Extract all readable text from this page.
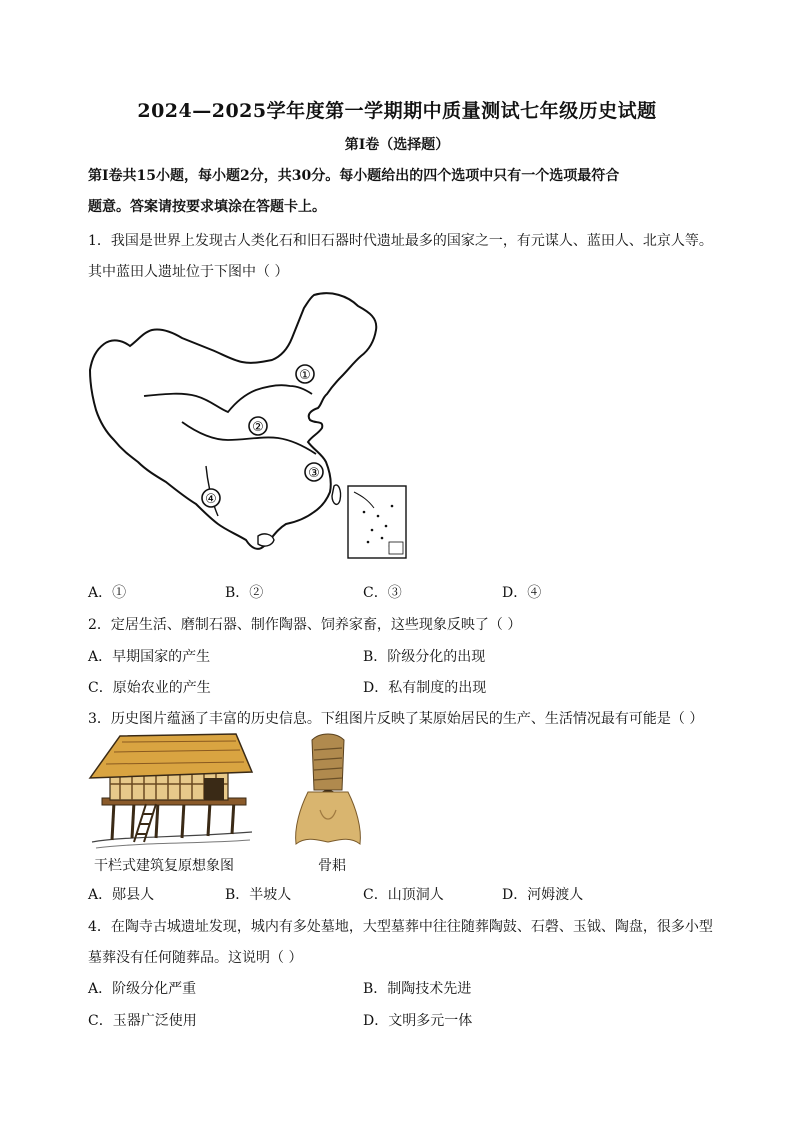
2024—2025学年度第一学期期中质量测试七年级历史试题
第Ⅰ卷（选择题）
第Ⅰ卷共15小题，每小题2分，共30分。每小题给出的四个选项中只有一个选项最符合
题意。答案请按要求填涂在答题卡上。
1．我国是世界上发现古人类化石和旧石器时代遗址最多的国家之一，有元谋人、蓝田人、北京人等。
其中蓝田人遗址位于下图中（ ）
①
②
③
④
A．①	B．②	C．③	D．④
2．定居生活、磨制石器、制作陶器、饲养家畜，这些现象反映了（ ）
A．早期国家的产生	B．阶级分化的出现
C．原始农业的产生	D．私有制度的出现
3．历史图片蕴涵了丰富的历史信息。下组图片反映了某原始居民的生产、生活情况最有可能是（ ）
干栏式建筑复原想象图	骨耜
A．郧县人	B．半坡人	C．山顶洞人	D．河姆渡人
4．在陶寺古城遗址发现，城内有多处墓地，大型墓葬中往往随葬陶鼓、石磬、玉钺、陶盘，很多小型
墓葬没有任何随葬品。这说明（ ）
A．阶级分化严重	B．制陶技术先进
C．玉器广泛使用	D．文明多元一体
